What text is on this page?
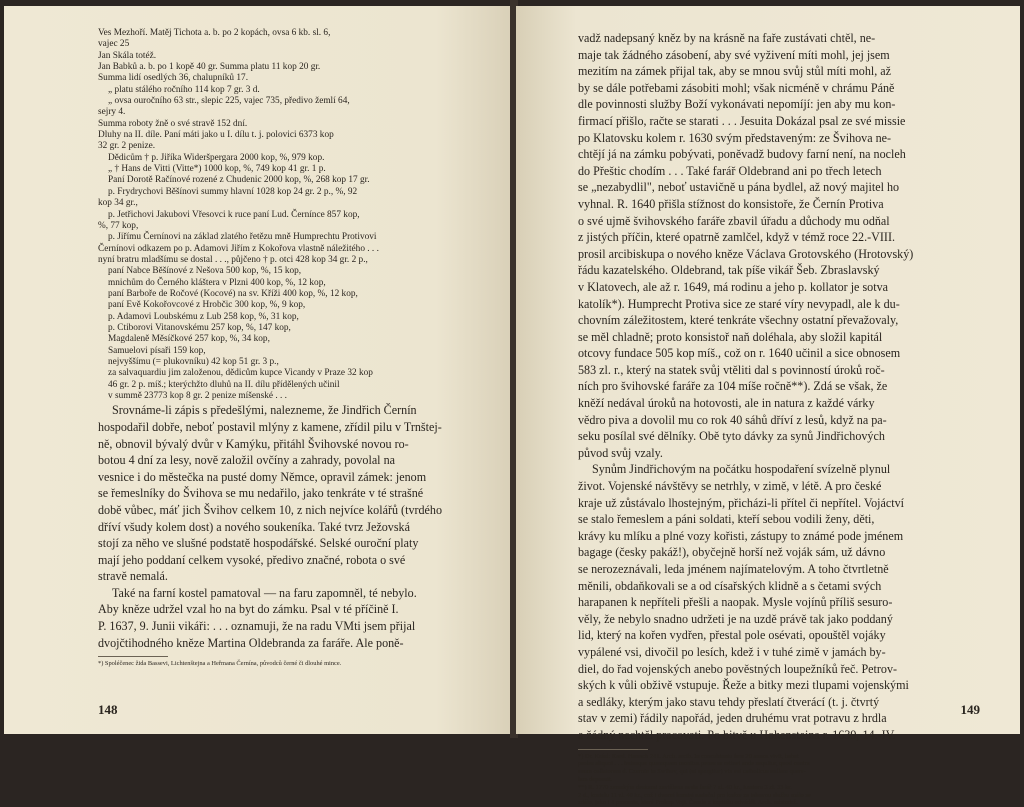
Ves Mezhoří. Matěj Tichota a. b. po 2 kopách, ovsa 6 kb. sl. 6,
vajec 25
Jan Skála totéž.
Jan Babků a. b. po 1 kopě 40 gr. Summa platu 11 kop 20 gr.
Summa lidí osedlých 36, chalupníků 17.
„ platu stálého ročního 114 kop 7 gr. 3 d.
„ ovsa ouročního 63 str., slepic 225, vajec 735, předivo žemlí 64,
sejry 4.
Summa roboty žně o své stravě 152 dní.
Dluhy na II. díle. Paní máti jako u I. dílu t. j. polovici 6373 kop
32 gr. 2 penize.
Dědicům † p. Jiříka Wideršpergara 2000 kop, %, 979 kop.
„ † Hans de Vitti (Vitte*) 1000 kop, %, 749 kop 41 gr. 1 p.
Paní Dorotě Račínové rozené z Chudenic 2000 kop, %, 268 kop 17 gr.
p. Frydrychovi Běšínovi summy hlavní 1028 kop 24 gr. 2 p., %, 92
kop 34 gr.,
p. Jetřichovi Jakubovi Vřesovci k ruce paní Lud. Černínce 857 kop,
%, 77 kop,
p. Jiřímu Černínovi na základ zlatého řetězu mně Humprechtu Protivovi
Černínovi odkazem po p. Adamovi Jiřím z Kokořova vlastně náležitého . . .
nyní bratru mladšímu se dostal . . ., půjčeno † p. otci 428 kop 34 gr. 2 p.,
paní Nabce Běšínové z Nešova 500 kop, %, 15 kop,
mnichům do Černého kláštera v Plzni 400 kop, %, 12 kop,
paní Barboře de Ročové (Kocové) na sv. Kříži 400 kop, %, 12 kop,
paní Evě Kokořovcové z Hrobčic 300 kop, %, 9 kop,
p. Adamovi Loubskému z Lub 258 kop, %, 31 kop,
p. Ctiborovi Vitanovskému 257 kop, %, 147 kop,
Magdaleně Měsíčkové 257 kop, %, 34 kop,
Samuelovi písaři 159 kop,
nejvyššímu (= plukovníku) 42 kop 51 gr. 3 p.,
za salvaquardiu jim založenou, dědicům kupce Vicandy v Praze 32 kop
46 gr. 2 p. míš.; kterýchžto dluhů na II. dílu přídělených učinil
v summě 23773 kop 8 gr. 2 penize míšenské . . .
Srovnáme-li zápis s předešlými, nalezneme, že Jindřich Černín
hospodařil dobře, neboť postavil mlýny z kamene, zřídil pilu v Trnštej-
ně, obnovil bývalý dvůr v Kamýku, přitáhl Švihovské novou ro-
botou 4 dní za lesy, nově založil ovčíny a zahrady, povolal na
vesnice i do městečka na pusté domy Němce, opravil zámek: jenom
se řemeslníky do Švihova se mu nedařilo, jako tenkráte v té strašné
době vůbec, máť jich Švihov celkem 10, z nich nejvíce kolářů (tvrdého
dříví všudy kolem dost) a nového soukeníka. Také tvrz Ježovská
stojí za něho ve slušné podstatě hospodářské. Selské ouroční platy
mají jeho poddaní celkem vysoké, předivo značné, robota o své
stravě nemalá.
Také na farní kostel pamatoval — na faru zapomněl, té nebylo.
Aby kněze udržel vzal ho na byt do zámku. Psal v té příčině I.
P. 1637, 9. Junii vikáři: . . . oznamuji, že na radu VMti jsem přijal
dvojčtihodného kněze Martina Oldebranda za faráře. Ale poně-
*) Spoléčenec žida Bassevi, Lichtenštejna a Heřmana Černína, původců černé či dlouhé mince.
148
vadž nadepsaný kněz by na krásně na faře zustávati chtěl, ne-
maje tak žádného zásobení, aby své vyživení míti mohl, jej jsem
mezitím na zámek přijal tak, aby se mnou svůj stůl míti mohl, až
by se dále potřebami zásobiti mohl; však nicméně v chrámu Páně
dle povinnosti služby Boží vykonávati nepomíjí: jen aby mu kon-
firmací přišlo, račte se starati . . . Jesuita Dokázal psal ze své missie
po Klatovsku kolem r. 1630 svým představeným: ze Švihova ne-
chtějí já na zámku pobývati, poněvadž budovy farní není, na nocleh
do Přeštic chodím . . . Také farář Oldebrand ani po třech letech
se „nezabydlil", neboť ustavičně u pána bydlel, až nový majitel ho
vyhnal. R. 1640 přišla stížnost do konsistoře, že Černín Protiva
o své ujmě švihovského faráře zbavil úřadu a důchody mu odňal
z jistých příčin, které opatrně zamlčel, když v témž roce 22.-VIII.
prosil arcibiskupa o nového kněze Václava Grotovského (Hrotovský)
řádu kazatelského. Oldebrand, tak píše vikář Šeb. Zbraslavský
v Klatovech, ale až r. 1649, má rodinu a jeho p. kollator je sotva
katolík*). Humprecht Protiva sice ze staré víry nevypadl, ale k du-
chovním záležitostem, které tenkráte všechny ostatní převažovaly,
se měl chladně; proto konsistoř naň doléhala, aby složil kapitál
otcovy fundace 505 kop míš., což on r. 1640 učinil a sice obnosem
583 zl. r., který na statek svůj vtěliti dal s povinností úroků roč-
ních pro švihovské faráře za 104 míše ročně**). Zdá se však, že
kněží nedával úroků na hotovosti, ale in natura z každé várky
vědro piva a dovolil mu co rok 40 sáhů dříví z lesů, když na pa-
seku posílal své dělníky. Obě tyto dávky za synů Jindřichových
původ svůj vzaly.
Synům Jindřichovým na počátku hospodaření svízelně plynul
život. Vojenské návštěvy se netrhly, v zimě, v létě. A pro české
kraje už zůstávalo lhostejným, přicházi-li přítel či nepřítel. Vojáctví
se stalo řemeslem a páni soldati, kteří sebou vodili ženy, děti,
krávy ku mlíku a plné vozy kořisti, zástupy to známé pode jménem
bagage (česky pakáž!), obyčejně horší než voják sám, už dávno
se nerozeznávali, leda jménem najímatelovým. A toho čtvrtletně
měnili, obdaňkovali se a od císařských klidně a s četami svých
harapanen k nepříteli přešli a naopak. Mysle vojínů příliš sesuro-
věly, že nebylo snadno udržeti je na uzdě právě tak jako poddaný
lid, který na kořen vydřen, přestal pole osévati, opouštěl vojáky
vypálené vsi, divočil po lesích, kdež i v tuhé zimě v jamách by-
diel, do řad vojenských anebo pověstných loupežníků řeč. Petrov-
ských k vůli obživě vstupuje. Řeže a bitky mezi tlupami vojenskými
a sedláky, kterým jako stavu tehdy přeslatí čtverácí (t. j. čtvrtý
stav v zemi) řádily napořád, jeden druhému vrat potravu z hrdla
a žádný nechtěl pracovati. Po bitvě u Hohensteina r. 1639, 14.-IV.
*) Dr. Krásl: Kard. Harrach 241. Arch. arcib. In concubinatu fere 20 annos vivit, habet
proles aliquot . . . huiusque quamquam monitus penes se retinet ande sequitur, quod contra
suum collatorem d. Czernin in Swihov, qui (ut spargitur) vix est catholicus nullam quere-
lam deposuit.
**) R. 1770 zemským deskami zavtělena nesla farář 7 zl. 40 kr., kantoru 3 zl. 33 kr.
2 d., kostelu 11 zl. 40 kr., což i dvorní komisí nadační pro kněze za takovou službu málo se
zdálo, jako i 4 procenta, které Prokop Vojt. Černín z kapitálu odváděl. Arch. místodrž.
149
